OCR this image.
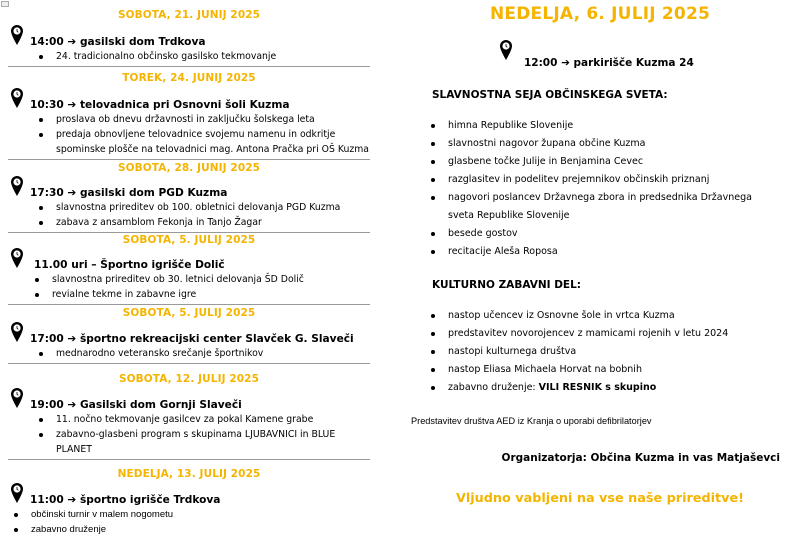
SOBOTA, 21. JUNIJ 2025
14:00 ➔ gasilski dom Trdkova
24. tradicionalno občinsko gasilsko tekmovanje
TOREK, 24. JUNIJ 2025
10:30 ➔ telovadnica pri Osnovni šoli Kuzma
proslava ob dnevu državnosti in zaključku šolskega leta
predaja obnovljene telovadnice svojemu namenu in odkritje spominske plošče na telovadnici mag. Antona Pračka pri OŠ Kuzma
SOBOTA, 28. JUNIJ 2025
17:30 ➔ gasilski dom PGD Kuzma
slavnostna prireditev ob 100. obletnici delovanja PGD Kuzma
zabava z ansamblom Fekonja in Tanjo Žagar
SOBOTA, 5. JULIJ 2025
11.00 uri – Športno igrišče Dolič
slavnostna prireditev ob 30. letnici delovanja ŠD Dolič
revialne tekme in zabavne igre
SOBOTA, 5. JULIJ 2025
17:00 ➔ športno rekreacijski center Slavček G. Slaveči
mednarodno veteransko srečanje športnikov
SOBOTA, 12. JULIJ 2025
19:00 ➔ Gasilski dom Gornji Slaveči
11. nočno tekmovanje gasilcev za pokal Kamene grabe
zabavno-glasbeni program s skupinama LJUBAVNICI in BLUE PLANET
NEDELJA, 13. JULIJ 2025
11:00 ➔ športno igrišče Trdkova
občinski turnir v malem nogometu
zabavno druženje
NEDELJA, 6. JULIJ 2025
12:00 ➔ parkirišče Kuzma 24
SLAVNOSTNA SEJA OBČINSKEGA SVETA:
himna Republike Slovenije
slavnostni nagovor župana občine Kuzma
glasbene točke Julije in Benjamina Cevec
razglasitev in podelitev prejemnikov občinskih priznanj
nagovori poslancev Državnega zbora in predsednika Državnega sveta Republike Slovenije
besede gostov
recitacije Aleša Roposa
KULTURNO ZABAVNI DEL:
nastop učencev iz Osnovne šole in vrtca Kuzma
predstavitev novorojencev z mamicami rojenih v letu 2024
nastopi kulturnega društva
nastop Eliasa Michaela Horvat na bobnih
zabavno druženje: VILI RESNIK s skupino
Predstavitev društva AED iz Kranja o uporabi defibrilatorjev
Organizatorja: Občina Kuzma in vas Matjaševci
Vljudno vabljeni na vse naše prireditve!
